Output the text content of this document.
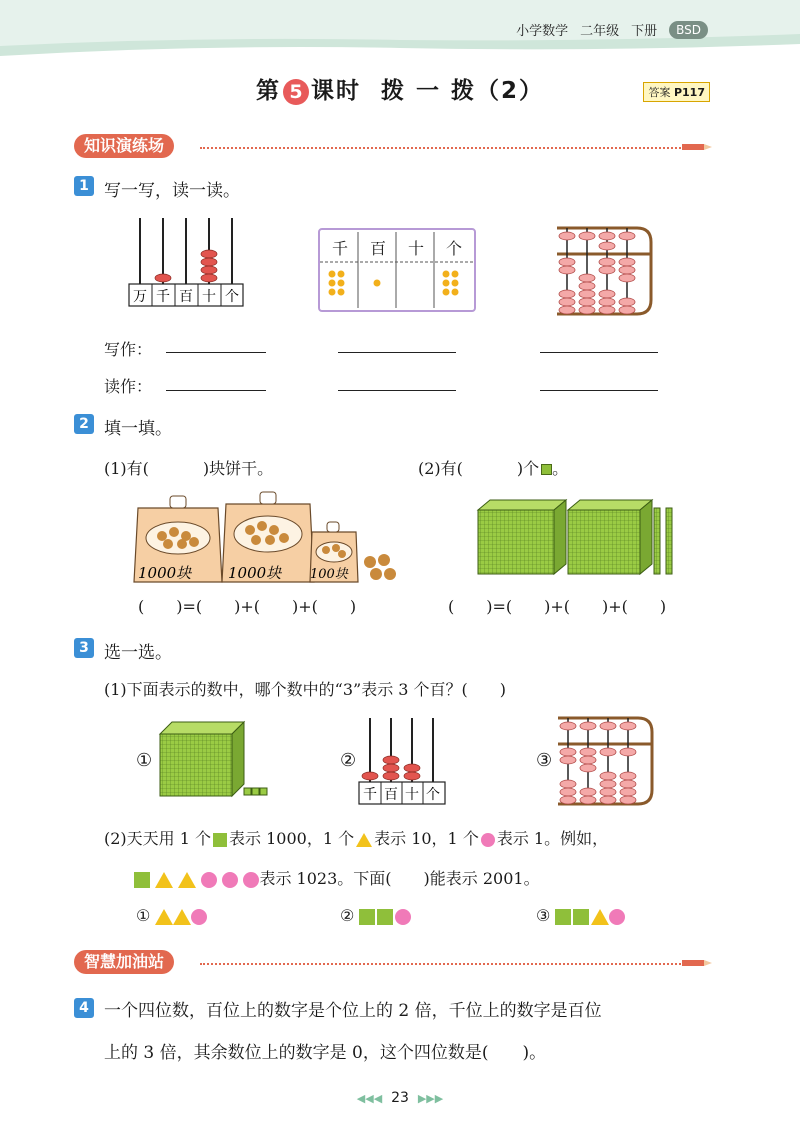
小学数学 二年级 下册	BSD
第 5 课时 拨 一 拨（2）	答案 P117
知识演练场
1 写一写，读一读。
万 千 百 十 个
千	百	十	个
写作：
读作：
2 填一填。
(1)有(	)块饼干。	(2)有(	)个 。
1000块 1000块 100块
(　　)=(　　)+(　　)+(　　)	(　　)=(　　)+(　　)+(　　)
3 选一选。
(1)下面表示的数中，哪个数中的“3”表示 3 个百？(　　)
①	②
千 百 十 个
③
(2)天天用 1 个 表示 1000，1 个 表示 10，1 个 表示 1。例如，
表示 1023。下面(　　)能表示 2001。
①	②	③
智慧加油站
4 一个四位数，百位上的数字是个位上的 2 倍，千位上的数字是百位
上的 3 倍，其余数位上的数字是 0，这个四位数是(　　)。
◀◀◀ 23 ▶▶▶
